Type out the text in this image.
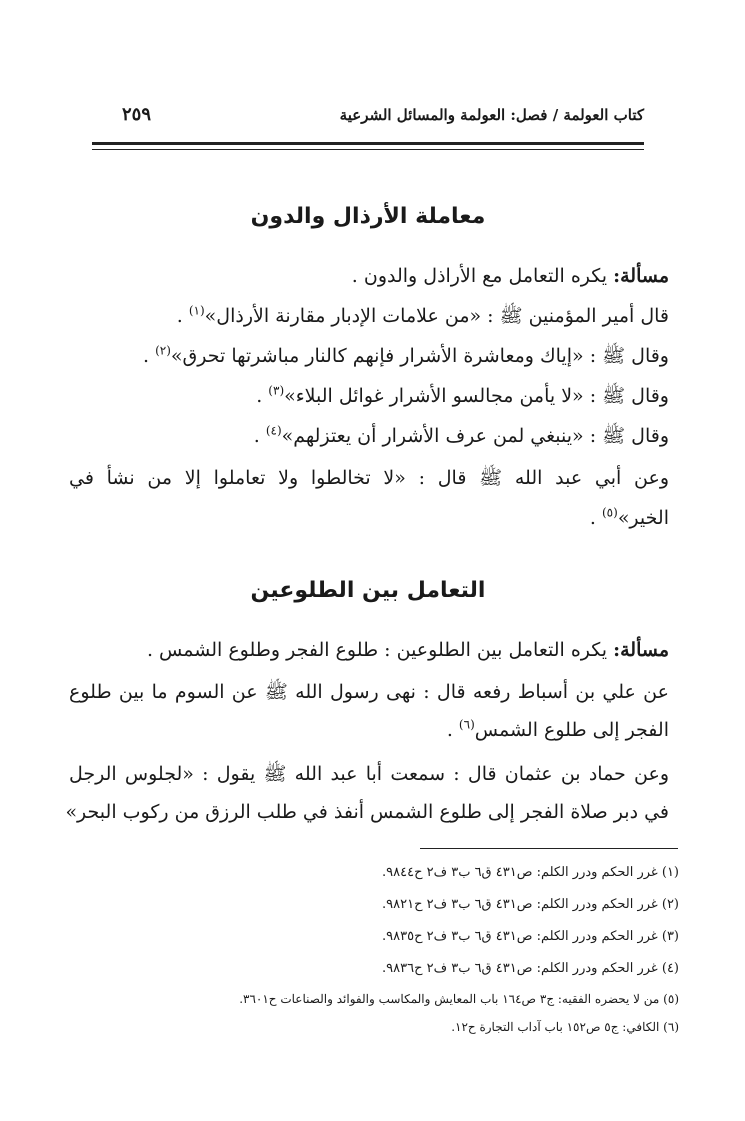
كتاب العولمة / فصل: العولمة والمسائل الشرعية
٢٥٩
معاملة الأرذال والدون
مسألة: يكره التعامل مع الأراذل والدون .
قال أمير المؤمنين ﷺ : «من علامات الإدبار مقارنة الأرذال»$^{(١)}$ .
وقال ﷺ : «إياك ومعاشرة الأشرار فإنهم كالنار مباشرتها تحرق»$^{(٢)}$ .
وقال ﷺ : «لا يأمن مجالسو الأشرار غوائل البلاء»$^{(٣)}$ .
وقال ﷺ : «ينبغي لمن عرف الأشرار أن يعتزلهم»$^{(٤)}$ .
وعن أبي عبد الله ﷺ قال : «لا تخالطوا ولا تعاملوا إلا من نشأ في
الخير»$^{(٥)}$ .
التعامل بين الطلوعين
مسألة: يكره التعامل بين الطلوعين : طلوع الفجر وطلوع الشمس .
عن علي بن أسباط رفعه قال : نهى رسول الله ﷺ عن السوم ما بين طلوع
الفجر إلى طلوع الشمس$^{(٦)}$ .
وعن حماد بن عثمان قال : سمعت أبا عبد الله ﷺ يقول : «لجلوس الرجل
في دبر صلاة الفجر إلى طلوع الشمس أنفذ في طلب الرزق من ركوب البحر»
(١) غرر الحكم ودرر الكلم: ص٤٣١ ق٦ ب٣ ف٢ ح٩٨٤٤.
(٢) غرر الحكم ودرر الكلم: ص٤٣١ ق٦ ب٣ ف٢ ح٩٨٢١.
(٣) غرر الحكم ودرر الكلم: ص٤٣١ ق٦ ب٣ ف٢ ح٩٨٣٥.
(٤) غرر الحكم ودرر الكلم: ص٤٣١ ق٦ ب٣ ف٢ ح٩٨٣٦.
(٥) من لا يحضره الفقيه: ج٣ ص١٦٤ باب المعايش والمكاسب والفوائد والصناعات ح٣٦٠١.
(٦) الكافي: ج٥ ص١٥٢ باب آداب التجارة ح١٢.
